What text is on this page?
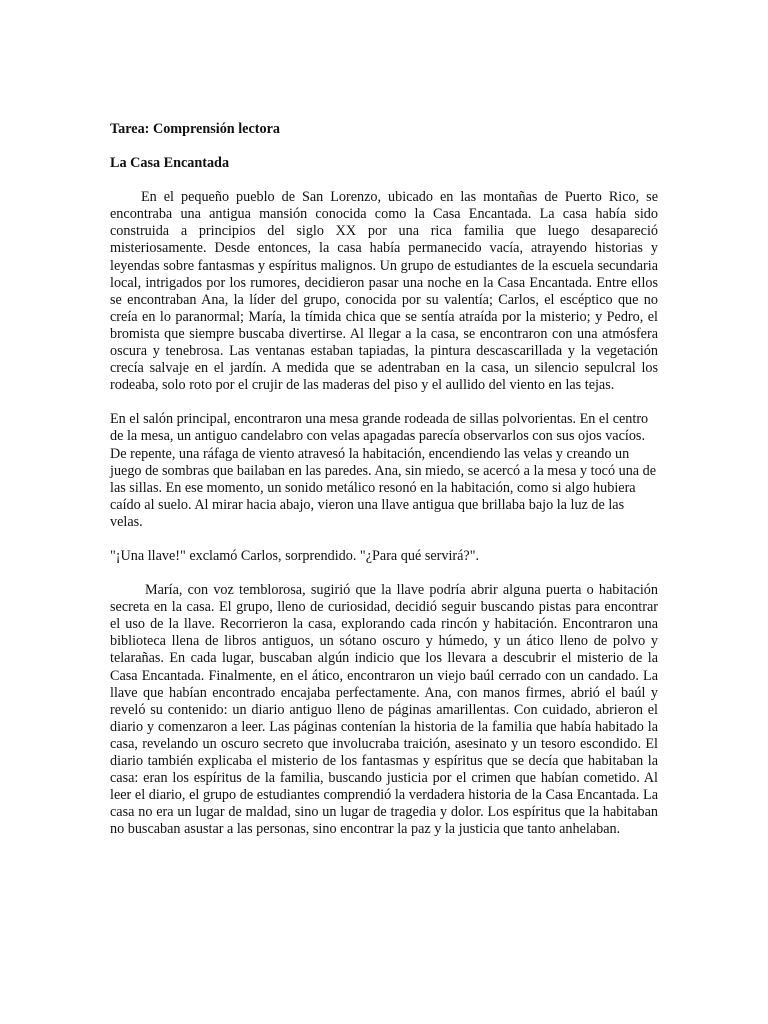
Tarea: Comprensión lectora

La Casa Encantada

En el pequeño pueblo de San Lorenzo, ubicado en las montañas de Puerto Rico, se encontraba una antigua mansión conocida como la Casa Encantada. La casa había sido construida a principios del siglo XX por una rica familia que luego desapareció misteriosamente. Desde entonces, la casa había permanecido vacía, atrayendo historias y leyendas sobre fantasmas y espíritus malignos. Un grupo de estudiantes de la escuela secundaria local, intrigados por los rumores, decidieron pasar una noche en la Casa Encantada. Entre ellos se encontraban Ana, la líder del grupo, conocida por su valentía; Carlos, el escéptico que no creía en lo paranormal; María, la tímida chica que se sentía atraída por la misterio; y Pedro, el bromista que siempre buscaba divertirse. Al llegar a la casa, se encontraron con una atmósfera oscura y tenebrosa. Las ventanas estaban tapiadas, la pintura descascarillada y la vegetación crecía salvaje en el jardín. A medida que se adentraban en la casa, un silencio sepulcral los rodeaba, solo roto por el crujir de las maderas del piso y el aullido del viento en las tejas.

En el salón principal, encontraron una mesa grande rodeada de sillas polvorientas. En el centro de la mesa, un antiguo candelabro con velas apagadas parecía observarlos con sus ojos vacíos. De repente, una ráfaga de viento atravesó la habitación, encendiendo las velas y creando un juego de sombras que bailaban en las paredes. Ana, sin miedo, se acercó a la mesa y tocó una de las sillas. En ese momento, un sonido metálico resonó en la habitación, como si algo hubiera caído al suelo. Al mirar hacia abajo, vieron una llave antigua que brillaba bajo la luz de las velas.

"¡Una llave!" exclamó Carlos, sorprendido. "¿Para qué servirá?".

María, con voz temblorosa, sugirió que la llave podría abrir alguna puerta o habitación secreta en la casa. El grupo, lleno de curiosidad, decidió seguir buscando pistas para encontrar el uso de la llave. Recorrieron la casa, explorando cada rincón y habitación. Encontraron una biblioteca llena de libros antiguos, un sótano oscuro y húmedo, y un ático lleno de polvo y telarañas. En cada lugar, buscaban algún indicio que los llevara a descubrir el misterio de la Casa Encantada. Finalmente, en el ático, encontraron un viejo baúl cerrado con un candado. La llave que habían encontrado encajaba perfectamente. Ana, con manos firmes, abrió el baúl y reveló su contenido: un diario antiguo lleno de páginas amarillentas. Con cuidado, abrieron el diario y comenzaron a leer. Las páginas contenían la historia de la familia que había habitado la casa, revelando un oscuro secreto que involucraba traición, asesinato y un tesoro escondido. El diario también explicaba el misterio de los fantasmas y espíritus que se decía que habitaban la casa: eran los espíritus de la familia, buscando justicia por el crimen que habían cometido. Al leer el diario, el grupo de estudiantes comprendió la verdadera historia de la Casa Encantada. La casa no era un lugar de maldad, sino un lugar de tragedia y dolor. Los espíritus que la habitaban no buscaban asustar a las personas, sino encontrar la paz y la justicia que tanto anhelaban.
